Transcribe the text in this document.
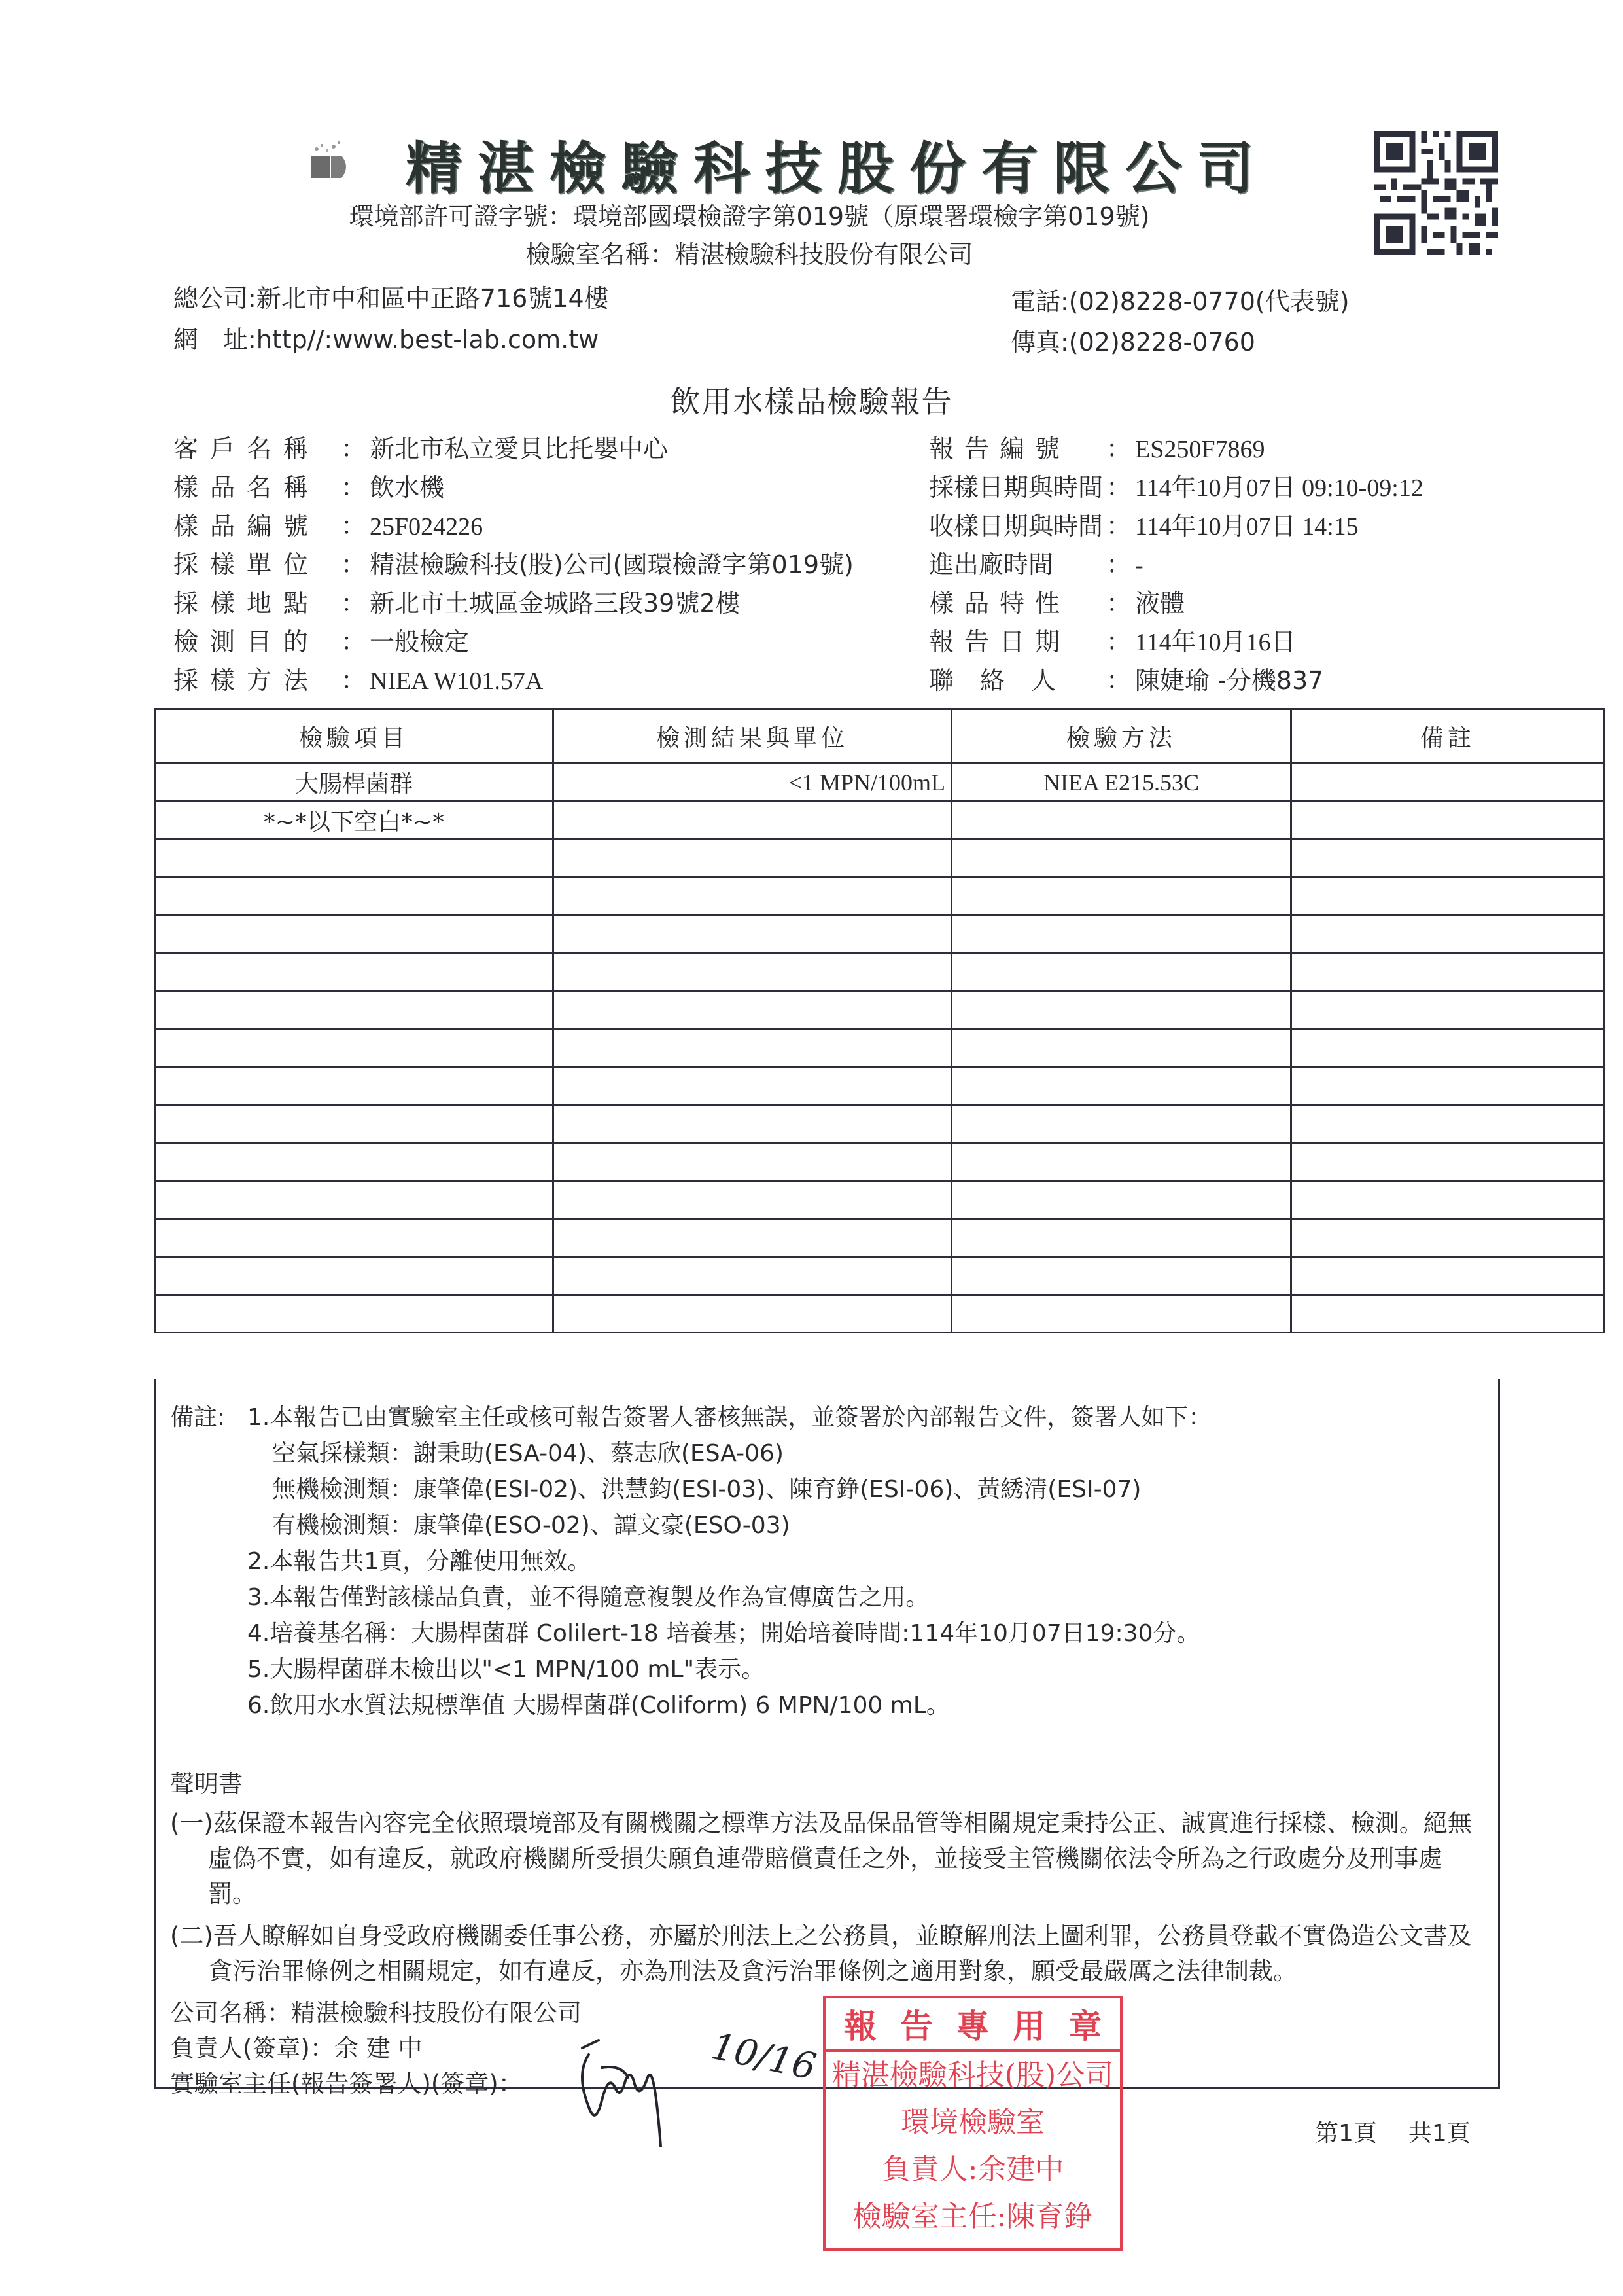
精湛檢驗科技股份有限公司
環境部許可證字號：環境部國環檢證字第019號（原環署環檢字第019號)
檢驗室名稱：精湛檢驗科技股份有限公司
總公司:新北市中和區中正路716號14樓
網　址:http//:www.best-lab.com.tw
電話:(02)8228-0770(代表號)
傳真:(02)8228-0760
飲用水樣品檢驗報告
客戶名稱 ： 新北市私立愛貝比托嬰中心
樣品名稱 ： 飲水機
樣品編號 ： 25F024226
採樣單位 ： 精湛檢驗科技(股)公司(國環檢證字第019號)
採樣地點 ： 新北市土城區金城路三段39號2樓
檢測目的 ： 一般檢定
採樣方法 ： NIEA W101.57A
報告編號	： ES250F7869
採樣日期與時間 ： 114年10月07日 09:10-09:12
收樣日期與時間 ： 114年10月07日 14:15
進出廠時間	： -
樣品特性	： 液體
報告日期	： 114年10月16日
聯絡人 ： 陳婕瑜 -分機837
檢驗項目	檢測結果與單位	檢驗方法	備註
大腸桿菌群	<1 MPN/100mL	NIEA E215.53C	
*~*以下空白*~*			

備註: 1.本報告已由實驗室主任或核可報告簽署人審核無誤，並簽署於內部報告文件，簽署人如下：
空氣採樣類：謝秉助(ESA-04)、蔡志欣(ESA-06)
無機檢測類：康肇偉(ESI-02)、洪慧鈞(ESI-03)、陳育錚(ESI-06)、黃綉清(ESI-07)
有機檢測類：康肇偉(ESO-02)、譚文豪(ESO-03)
2.本報告共1頁，分離使用無效。
3.本報告僅對該樣品負責，並不得隨意複製及作為宣傳廣告之用。
4.培養基名稱：大腸桿菌群 Colilert-18 培養基；開始培養時間:114年10月07日19:30分。
5.大腸桿菌群未檢出以"<1 MPN/100 mL"表示。
6.飲用水水質法規標準值 大腸桿菌群(Coliform) 6 MPN/100 mL。
聲明書
(一)茲保證本報告內容完全依照環境部及有關機關之標準方法及品保品管等相關規定秉持公正、誠實進行採樣、檢測。絕無
虛偽不實，如有違反，就政府機關所受損失願負連帶賠償責任之外，並接受主管機關依法令所為之行政處分及刑事處
罰。
(二)吾人瞭解如自身受政府機關委任事公務，亦屬於刑法上之公務員，並瞭解刑法上圖利罪，公務員登載不實偽造公文書及
貪污治罪條例之相關規定，如有違反，亦為刑法及貪污治罪條例之適用對象，願受最嚴厲之法律制裁。
公司名稱：精湛檢驗科技股份有限公司
負責人(簽章)：余 建 中
實驗室主任(報告簽署人)(簽章)：	10/16 報 告 專 用 章
精湛檢驗科技(股)公司
環境檢驗室
負責人:余建中
檢驗室主任:陳育錚
第1頁 共1頁
